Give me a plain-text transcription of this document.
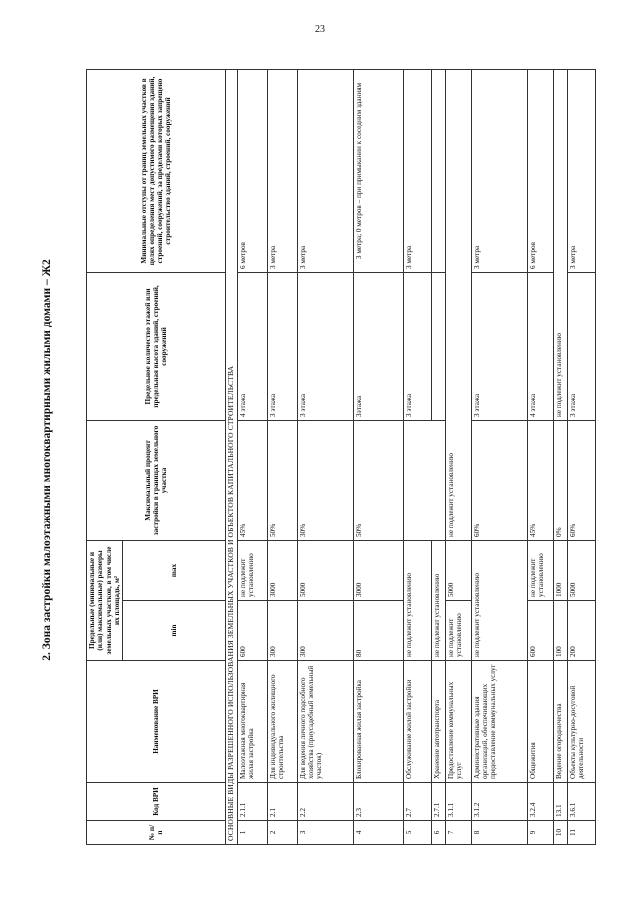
23
2. Зона застройки малоэтажными многоквартирными жилыми домами – Ж2
№ п/п	Код ВРИ	Наименование ВРИ	Предельные (минимальные и (или) максимальные) размеры земельных участков, в том числе их площадь, м²		Максимальный процент застройки в границах земельного участка	Предельное количество этажей или предельная высота зданий, строений, сооружений	Минимальные отступы от границ земельных участков в целях определения мест допустимого размещения зданий, строений, сооружений, за пределами которых запрещено строительство зданий, строений, сооружений
			min	max			
ОСНОВНЫЕ ВИДЫ РАЗРЕШЕННОГО ИСПОЛЬЗОВАНИЯ ЗЕМЕЛЬНЫХ УЧАСТКОВ И ОБЪЕКТОВ КАПИТАЛЬНОГО СТРОИТЕЛЬСТВА							
1	2.1.1	Малоэтажная многоквартирная жилая застройка	600	не подлежит установлению	45%	4 этажа	6 метров
2	2.1	Для индивидуального жилищного строительства	300	3000	50%	3 этажа	3 метра
3	2.2	Для ведения личного подсобного хозяйства (приусадебный земельный участок)	300	5000	30%	3 этажа	3 метра
4	2.3	Блокированная жилая застройка	80	3000	50%	3этажа	3 метра; 0 метров – при примыкании к соседним зданиям
5	2.7	Обслуживание жилой застройки	не подлежит установлению			3 этажа	3 метра
6	2.7.1	Хранение автотранспорта	не подлежат установлению				
7	3.1.1	Предоставление коммунальных услуг	не подлежит установлению	5000	не подлежит установлению		
8	3.1.2	Административные здания организаций, обеспечивающих предоставление коммунальных услуг	не подлежит установлению		60%	3 этажа	3 метра
9	3.2.4	Общежития	600	не подлежит установлению	45%	4 этажа	6 метров
10	13.1	Ведение огородничества	100	1000	0%	не подлежит установлению	
11	3.6.1	Объекты культурно-досуговой деятельности	200	5000	60%	3 этажа	3 метра
